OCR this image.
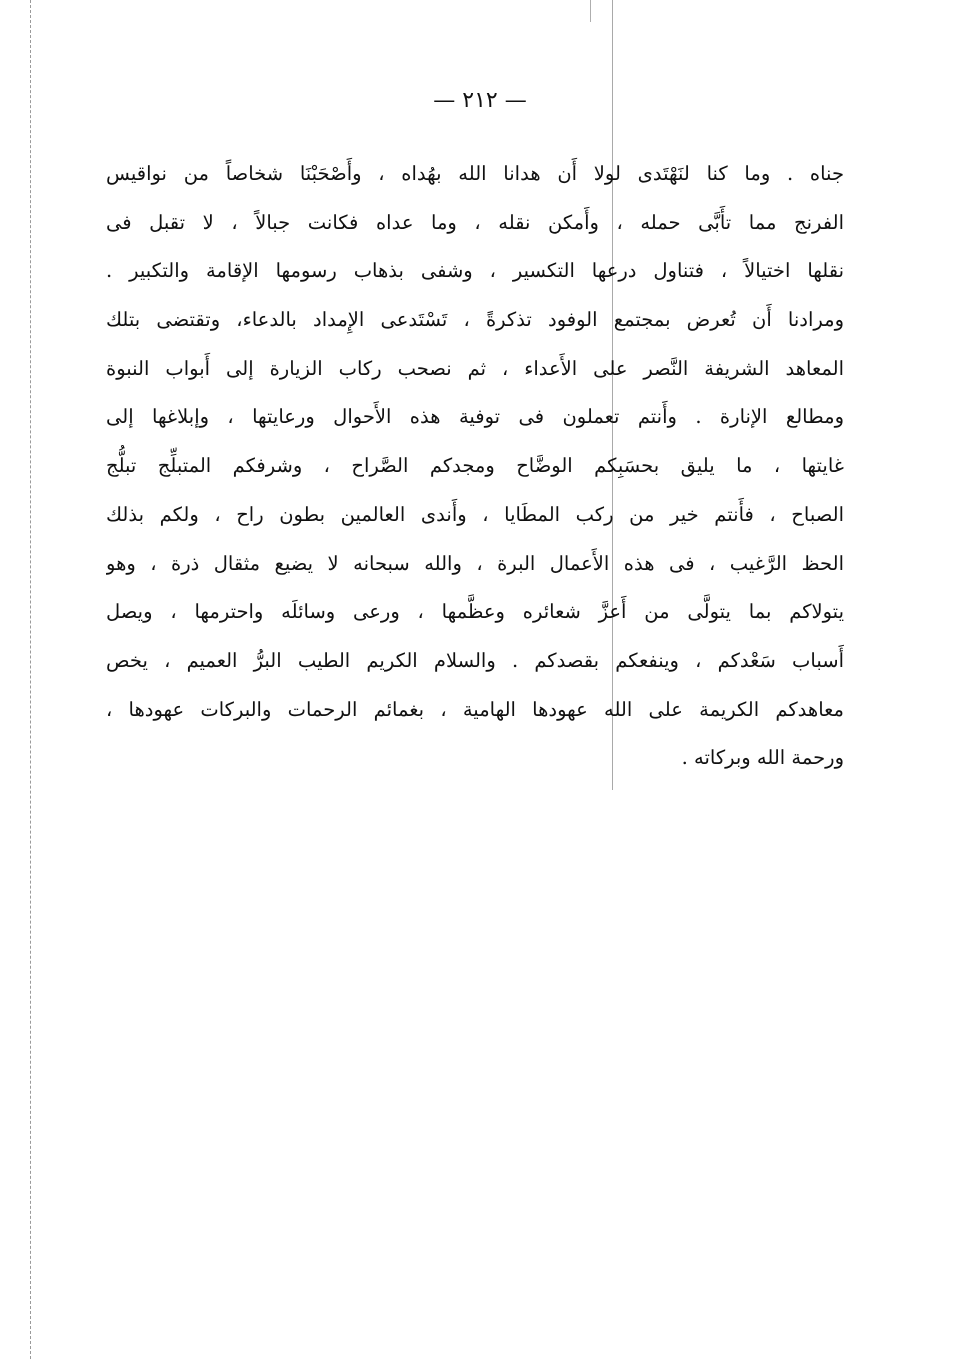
— ٢١٢ —
جناه . وما كنا لنَهْتَدى لولا أَن هدانا الله بهُداه ، وأَصْحَبْنَا شخاصاً من نواقيس
الفرنج مما تأَبَّى حمله ، وأَمكن نقله ، وما عداه فكانت جبالاً ، لا تقبل فى
نقلها اختيالاً ، فتناول درعها التكسير ، وشفى بذهاب رسومها الإقامة والتكبير .
ومرادنا أَن تُعرض بمجتمع الوفود تذكرةً ، تَسْتَدعى الإِمداد بالدعاء، وتقتضى بتلك
المعاهد الشريفة النَّصر على الأَعداء ، ثم نصحب ركاب الزيارة إلى أَبواب النبوة
ومطالع الإنارة . وأَنتم تعملون فى توفية هذه الأَحوال ورعايتها ، وإبلاغها إلى
غايتها ، ما يليق بحسَبِكم الوضَّاح ومجدكم الصَّراح ، وشرفكم المتبلِّج تبلُّج
الصباح ، فأَنتم خير من ركب المطَايا ، وأَندى العالمين بطون راح ، ولكم بذلك
الحظ الرَّغيب ، فى هذه الأَعمال البرة ، والله سبحانه لا يضيع مثقال ذرة ، وهو
يتولاكم بما يتولَّى من أَعزَّ شعائره وعظَّمها ، ورعى وسائلَه واحترمها ، ويصل
أَسباب سَعْدكم ، وينفعكم بقصدكم . والسلام الكريم الطيب البرُّ العميم ، يخص
معاهدكم الكريمة على الله عهودها الهامية ، بغمائم الرحمات والبركات عهودها ،
ورحمة الله وبركاته .
